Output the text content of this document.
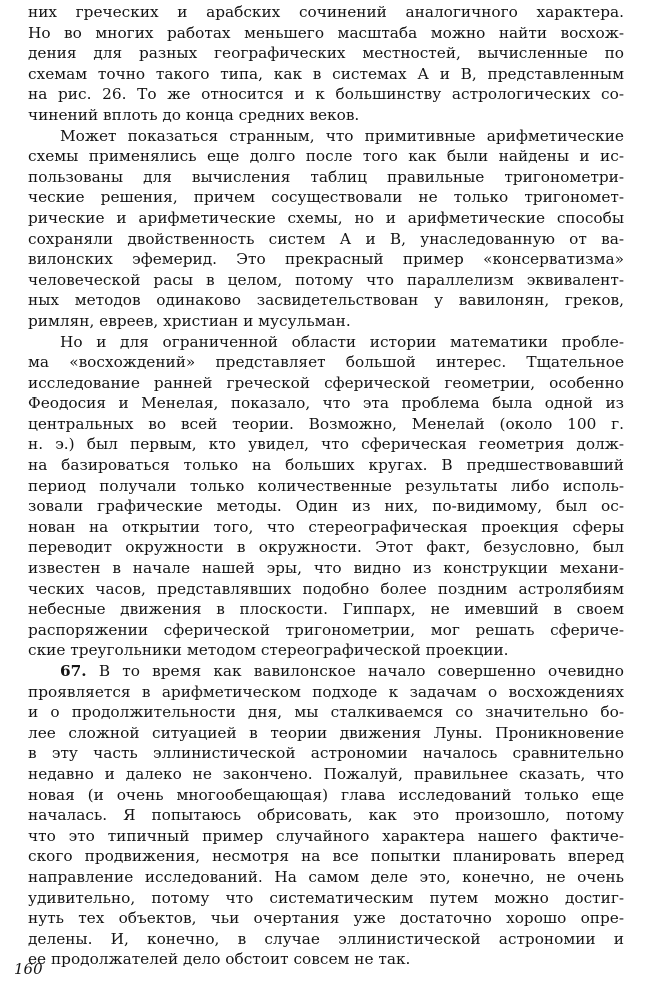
них греческих и арабских сочинений аналогичного характера.
Но во многих работах меньшего масштаба можно найти восхож-
дения для разных географических местностей, вычисленные по
схемам точно такого типа, как в системах А и В, представленным
на рис. 26. То же относится и к большинству астрологических со-
чинений вплоть до конца средних веков.
Может показаться странным, что примитивные арифметические
схемы применялись еще долго после того как были найдены и ис-
пользованы для вычисления таблиц правильные тригонометри-
ческие решения, причем сосуществовали не только тригономет-
рические и арифметические схемы, но и арифметические способы
сохраняли двойственность систем А и В, унаследованную от ва-
вилонских эфемерид. Это прекрасный пример «консерватизма»
человеческой расы в целом, потому что параллелизм эквивалент-
ных методов одинаково засвидетельствован у вавилонян, греков,
римлян, евреев, христиан и мусульман.
Но и для ограниченной области истории математики пробле-
ма «восхождений» представляет большой интерес. Тщательное
исследование ранней греческой сферической геометрии, особенно
Феодосия и Менелая, показало, что эта проблема была одной из
центральных во всей теории. Возможно, Менелай (около 100 г.
н. э.) был первым, кто увидел, что сферическая геометрия долж-
на базироваться только на больших кругах. В предшествовавший
период получали только количественные результаты либо исполь-
зовали графические методы. Один из них, по-видимому, был ос-
нован на открытии того, что стереографическая проекция сферы
переводит окружности в окружности. Этот факт, безусловно, был
известен в начале нашей эры, что видно из конструкции механи-
ческих часов, представлявших подобно более поздним астролябиям
небесные движения в плоскости. Гиппарх, не имевший в своем
распоряжении сферической тригонометрии, мог решать сфериче-
ские треугольники методом стереографической проекции.
67. В то время как вавилонское начало совершенно очевидно
проявляется в арифметическом подходе к задачам о восхождениях
и о продолжительности дня, мы сталкиваемся со значительно бо-
лее сложной ситуацией в теории движения Луны. Проникновение
в эту часть эллинистической астрономии началось сравнительно
недавно и далеко не закончено. Пожалуй, правильнее сказать, что
новая (и очень многообещающая) глава исследований только еще
началась. Я попытаюсь обрисовать, как это произошло, потому
что это типичный пример случайного характера нашего фактиче-
ского продвижения, несмотря на все попытки планировать вперед
направление исследований. На самом деле это, конечно, не очень
удивительно, потому что систематическим путем можно достиг-
нуть тех объектов, чьи очертания уже достаточно хорошо опре-
делены. И, конечно, в случае эллинистической астрономии и
ее продолжателей дело обстоит совсем не так.
160
